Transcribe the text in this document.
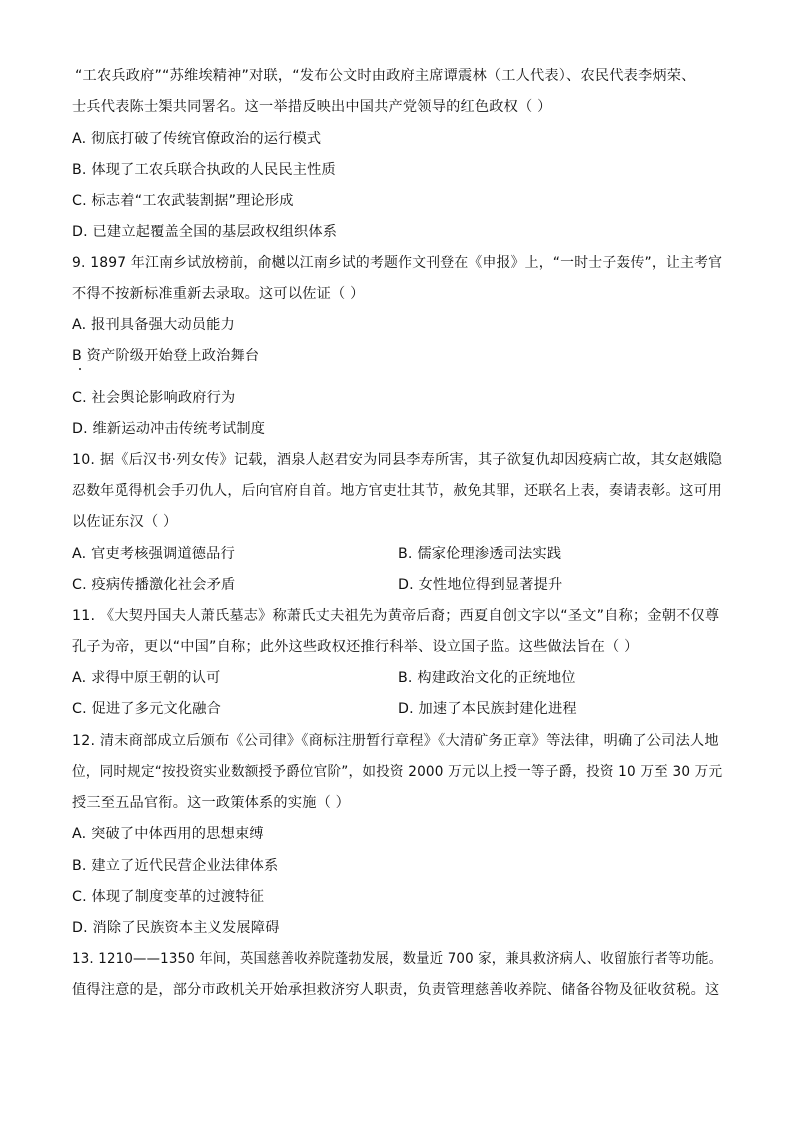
“工农兵政府”“苏维埃精神”对联，“发布公文时由政府主席谭震林（工人代表）、农民代表李炳荣、
士兵代表陈士榘共同署名。这一举措反映出中国共产党领导的红色政权（ ）
A. 彻底打破了传统官僚政治的运行模式
B. 体现了工农兵联合执政的人民民主性质
C. 标志着“工农武装割据”理论形成
D. 已建立起覆盖全国的基层政权组织体系
9. 1897 年江南乡试放榜前，俞樾以江南乡试的考题作文刊登在《申报》上，“一时士子轰传”，让主考官
不得不按新标准重新去录取。这可以佐证（ ）
A. 报刊具备强大动员能力
B 资产阶级开始登上政治舞台
C. 社会舆论影响政府行为
D. 维新运动冲击传统考试制度
10. 据《后汉书·列女传》记载，酒泉人赵君安为同县李寿所害，其子欲复仇却因疫病亡故，其女赵娥隐
忍数年觅得机会手刃仇人，后向官府自首。地方官吏壮其节，赦免其罪，还联名上表，奏请表彰。这可用
以佐证东汉（ ）
A. 官吏考核强调道德品行	B. 儒家伦理渗透司法实践
C. 疫病传播激化社会矛盾	D. 女性地位得到显著提升
11. 《大契丹国夫人萧氏墓志》称萧氏丈夫祖先为黄帝后裔；西夏自创文字以“圣文”自称；金朝不仅尊
孔子为帝，更以“中国”自称；此外这些政权还推行科举、设立国子监。这些做法旨在（ ）
A. 求得中原王朝的认可	B. 构建政治文化的正统地位
C. 促进了多元文化融合	D. 加速了本民族封建化进程
12. 清末商部成立后颁布《公司律》《商标注册暂行章程》《大清矿务正章》等法律，明确了公司法人地
位，同时规定“按投资实业数额授予爵位官阶”，如投资 2000 万元以上授一等子爵，投资 10 万至 30 万元
授三至五品官衔。这一政策体系的实施（ ）
A. 突破了中体西用的思想束缚
B. 建立了近代民营企业法律体系
C. 体现了制度变革的过渡特征
D. 消除了民族资本主义发展障碍
13. 1210——1350 年间，英国慈善收养院蓬勃发展，数量近 700 家，兼具救济病人、收留旅行者等功能。
值得注意的是，部分市政机关开始承担救济穷人职责，负责管理慈善收养院、储备谷物及征收贫税。这
